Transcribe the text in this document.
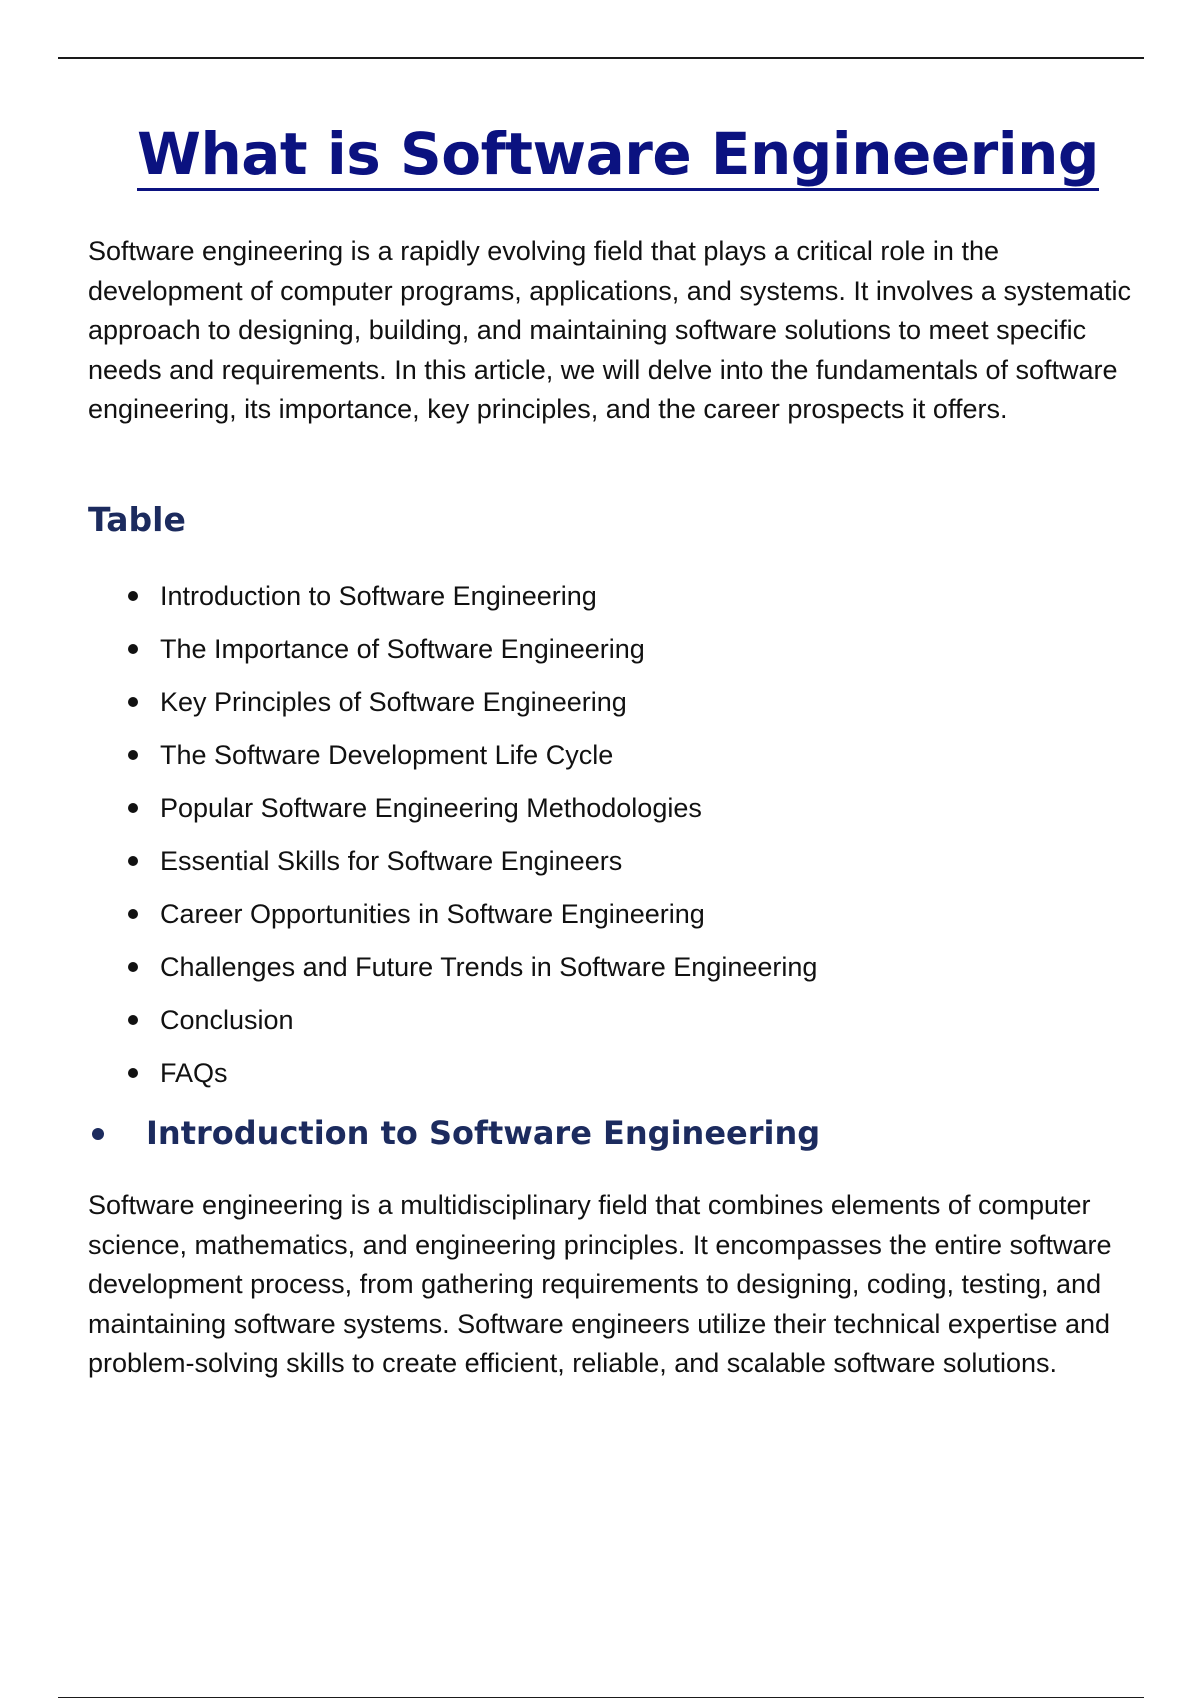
What is Software Engineering

Software engineering is a rapidly evolving field that plays a critical role in the development of computer programs, applications, and systems. It involves a systematic approach to designing, building, and maintaining software solutions to meet specific needs and requirements. In this article, we will delve into the fundamentals of software engineering, its importance, key principles, and the career prospects it offers.

Table
Introduction to Software Engineering
The Importance of Software Engineering
Key Principles of Software Engineering
The Software Development Life Cycle
Popular Software Engineering Methodologies
Essential Skills for Software Engineers
Career Opportunities in Software Engineering
Challenges and Future Trends in Software Engineering
Conclusion
FAQs
Introduction to Software Engineering

Software engineering is a multidisciplinary field that combines elements of computer science, mathematics, and engineering principles. It encompasses the entire software development process, from gathering requirements to designing, coding, testing, and maintaining software systems. Software engineers utilize their technical expertise and problem-solving skills to create efficient, reliable, and scalable software solutions.
